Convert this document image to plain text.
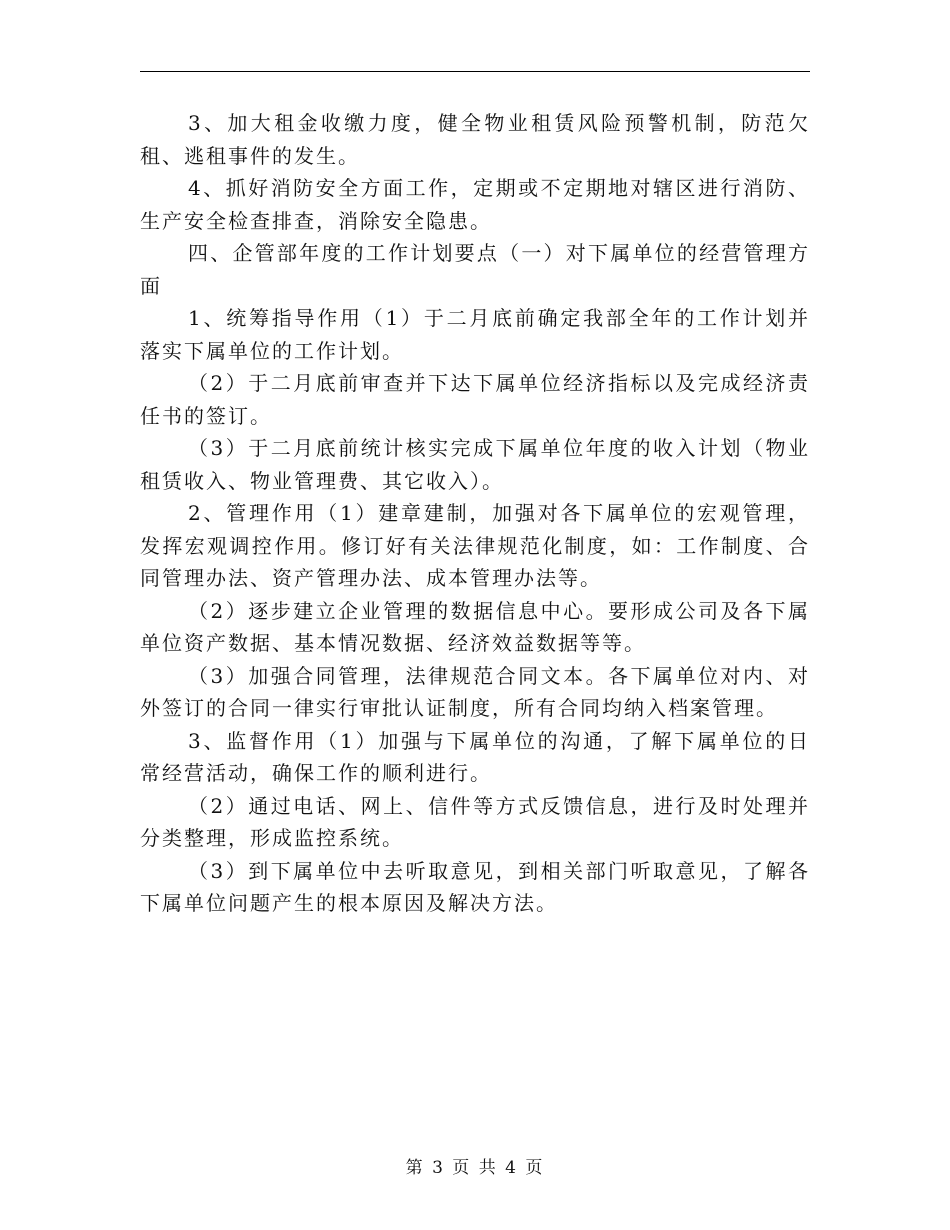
3、加大租金收缴力度，健全物业租赁风险预警机制，防范欠租、逃租事件的发生。

4、抓好消防安全方面工作，定期或不定期地对辖区进行消防、生产安全检查排查，消除安全隐患。

四、企管部年度的工作计划要点（一）对下属单位的经营管理方面

1、统筹指导作用（1）于二月底前确定我部全年的工作计划并落实下属单位的工作计划。

（2）于二月底前审查并下达下属单位经济指标以及完成经济责任书的签订。

（3）于二月底前统计核实完成下属单位年度的收入计划（物业租赁收入、物业管理费、其它收入）。

2、管理作用（1）建章建制，加强对各下属单位的宏观管理，发挥宏观调控作用。修订好有关法律规范化制度，如：工作制度、合同管理办法、资产管理办法、成本管理办法等。

（2）逐步建立企业管理的数据信息中心。要形成公司及各下属单位资产数据、基本情况数据、经济效益数据等等。

（3）加强合同管理，法律规范合同文本。各下属单位对内、对外签订的合同一律实行审批认证制度，所有合同均纳入档案管理。

3、监督作用（1）加强与下属单位的沟通，了解下属单位的日常经营活动，确保工作的顺利进行。

（2）通过电话、网上、信件等方式反馈信息，进行及时处理并分类整理，形成监控系统。

（3）到下属单位中去听取意见，到相关部门听取意见，了解各下属单位问题产生的根本原因及解决方法。

第 3 页 共 4 页
